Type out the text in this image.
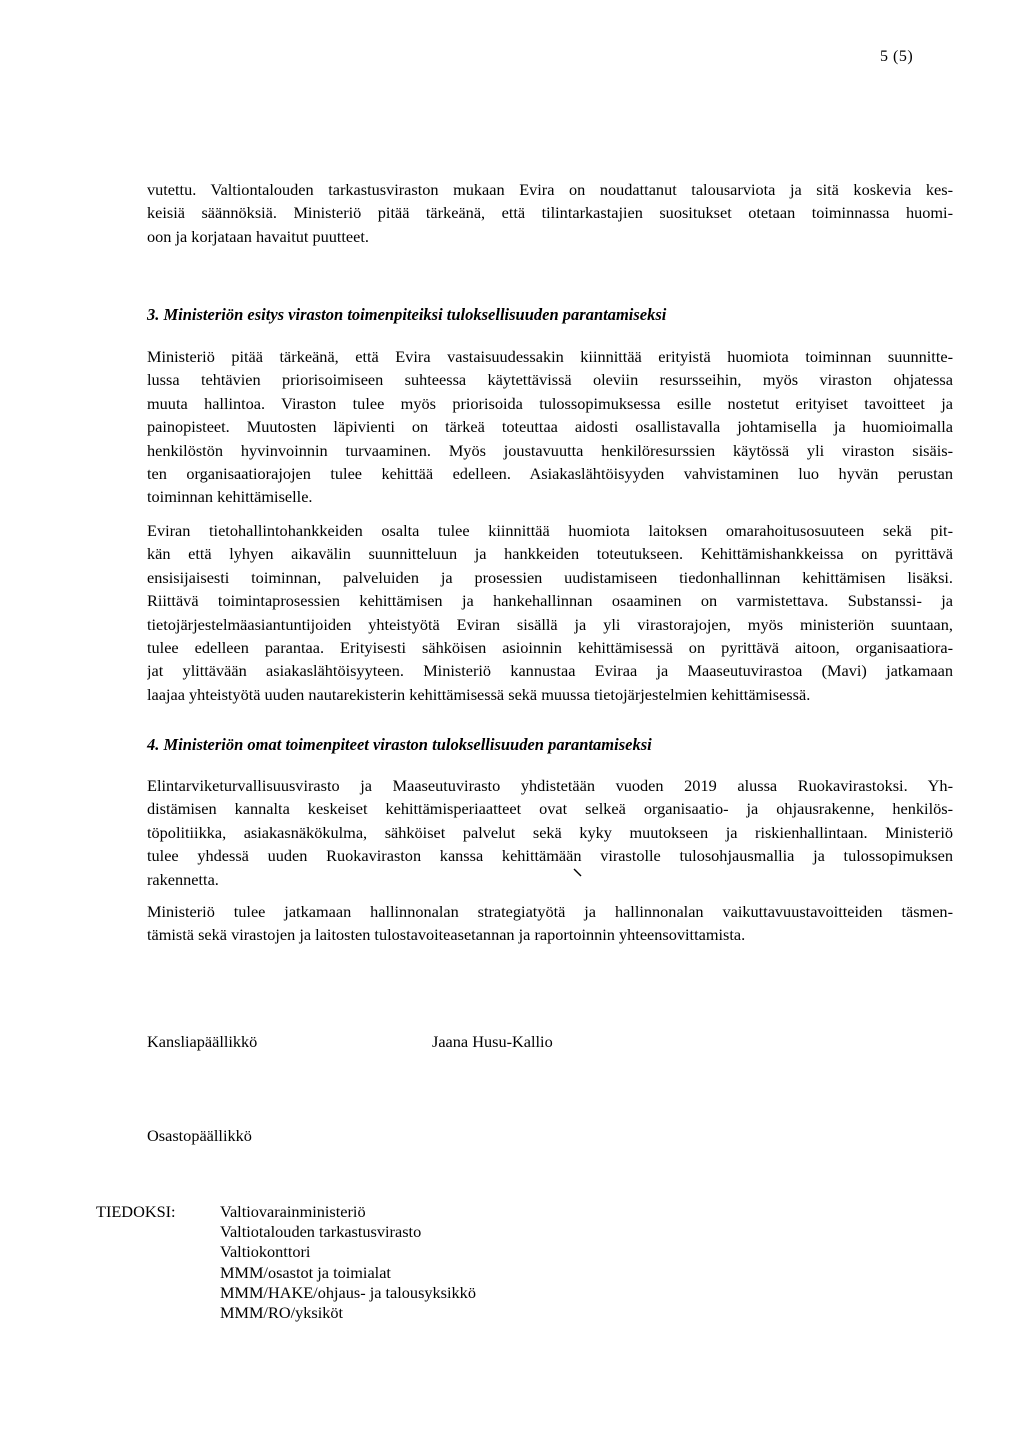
5 (5)
vutettu. Valtiontalouden tarkastusviraston mukaan Evira on noudattanut talousarviota ja sitä koskevia kes-
keisiä säännöksiä. Ministeriö pitää tärkeänä, että tilintarkastajien suositukset otetaan toiminnassa huomi-
oon ja korjataan havaitut puutteet.
3. Ministeriön esitys viraston toimenpiteiksi tuloksellisuuden parantamiseksi
Ministeriö pitää tärkeänä, että Evira vastaisuudessakin kiinnittää erityistä huomiota toiminnan suunnitte-
lussa tehtävien priorisoimiseen suhteessa käytettävissä oleviin resursseihin, myös viraston ohjatessa
muuta hallintoa. Viraston tulee myös priorisoida tulossopimuksessa esille nostetut erityiset tavoitteet ja
painopisteet. Muutosten läpivienti on tärkeä toteuttaa aidosti osallistavalla johtamisella ja huomioimalla
henkilöstön hyvinvoinnin turvaaminen. Myös joustavuutta henkilöresurssien käytössä yli viraston sisäis-
ten organisaatiorajojen tulee kehittää edelleen. Asiakaslähtöisyyden vahvistaminen luo hyvän perustan
toiminnan kehittämiselle.
Eviran tietohallintohankkeiden osalta tulee kiinnittää huomiota laitoksen omarahoitusosuuteen sekä pit-
kän että lyhyen aikavälin suunnitteluun ja hankkeiden toteutukseen. Kehittämishankkeissa on pyrittävä
ensisijaisesti toiminnan, palveluiden ja prosessien uudistamiseen tiedonhallinnan kehittämisen lisäksi.
Riittävä toimintaprosessien kehittämisen ja hankehallinnan osaaminen on varmistettava. Substanssi- ja
tietojärjestelmäasiantuntijoiden yhteistyötä Eviran sisällä ja yli virastorajojen, myös ministeriön suuntaan,
tulee edelleen parantaa. Erityisesti sähköisen asioinnin kehittämisessä on pyrittävä aitoon, organisaatiora-
jat ylittävään asiakaslähtöisyyteen. Ministeriö kannustaa Eviraa ja Maaseutuvirastoa (Mavi) jatkamaan
laajaa yhteistyötä uuden nautarekisterin kehittämisessä sekä muussa tietojärjestelmien kehittämisessä.
4. Ministeriön omat toimenpiteet viraston tuloksellisuuden parantamiseksi
Elintarviketurvallisuusvirasto ja Maaseutuvirasto yhdistetään vuoden 2019 alussa Ruokavirastoksi. Yh-
distämisen kannalta keskeiset kehittämisperiaatteet ovat selkeä organisaatio- ja ohjausrakenne, henkilös-
töpolitiikka, asiakasnäkökulma, sähköiset palvelut sekä kyky muutokseen ja riskienhallintaan. Ministeriö
tulee yhdessä uuden Ruokaviraston kanssa kehittämään virastolle tulosohjausmallia ja tulossopimuksen
rakennetta.
Ministeriö tulee jatkamaan hallinnonalan strategiatyötä ja hallinnonalan vaikuttavuustavoitteiden täsmen-
tämistä sekä virastojen ja laitosten tulostavoiteasetannan ja raportoinnin yhteensovittamista.

Kansliapäällikkö	Jaana Husu-Kallio

Osastopäällikkö

TIEDOKSI:	Valtiovarainministeriö
Valtiotalouden tarkastusvirasto
Valtiokonttori
MMM/osastot ja toimialat
MMM/HAKE/ohjaus- ja talousyksikkö
MMM/RO/yksiköt
